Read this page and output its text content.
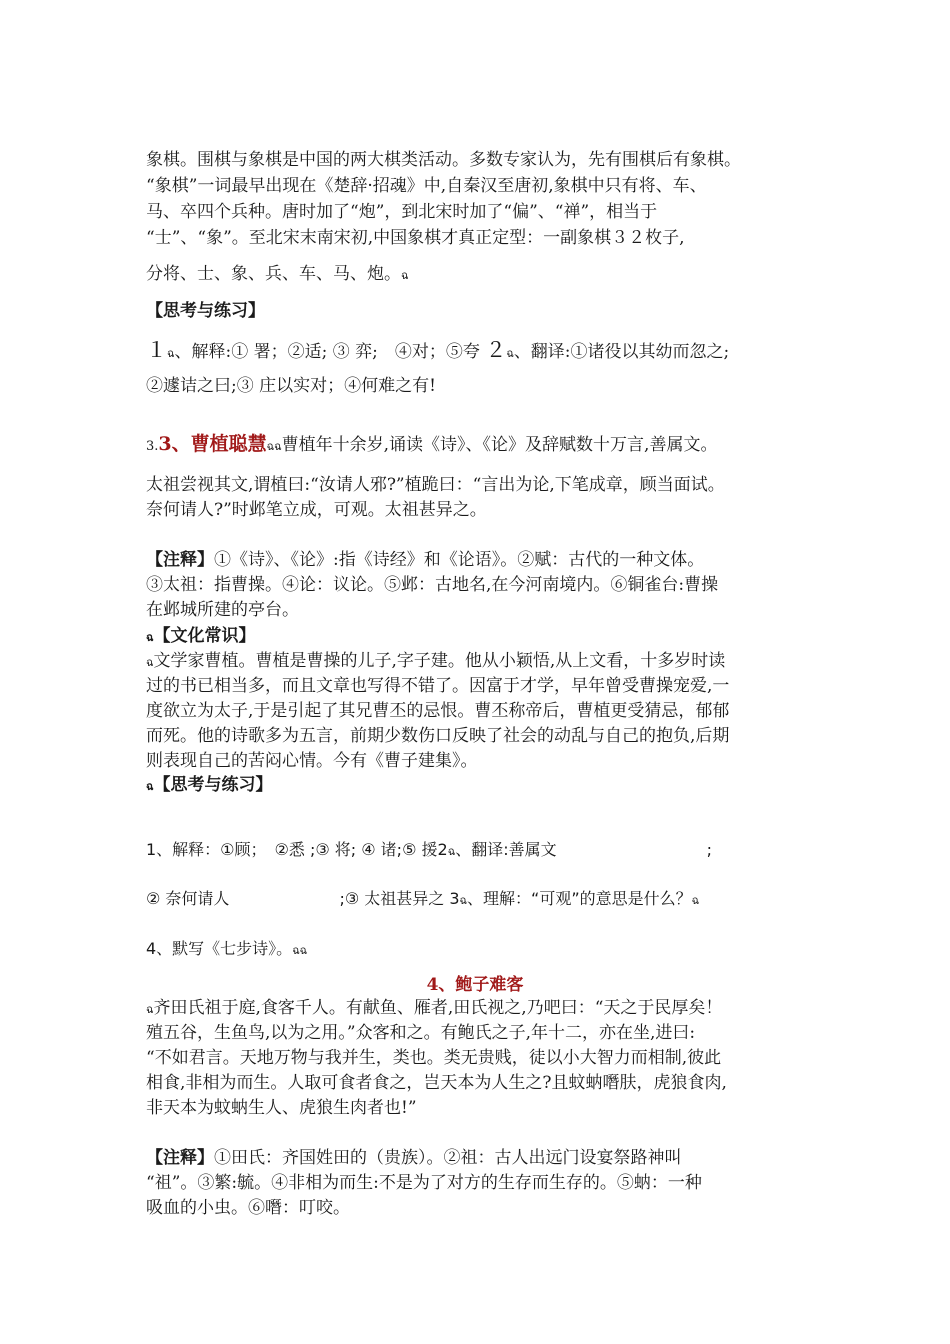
象棋。围棋与象棋是中国的两大棋类活动。多数专家认为，先有围棋后有象棋。
“象棋”一词最早出现在《楚辞·招魂》中,自秦汉至唐初,象棋中只有将、车、
马、卒四个兵种。唐时加了“炮”，到北宋时加了“偏”、“禅”，相当于
“士”、“象”。至北宋末南宋初,中国象棋才真正定型：一副象棋３２枚子,
分将、士、象、兵、车、马、炮。ฉ
【思考与练习】
１ฉ、解释:① 署；②适; ③ 弈;　④对；⑤夸 ２ฉ、翻译:①诸役以其幼而忽之;
②遽诘之曰;③ 庄以实对；④何难之有!
3.3、曹植聪慧ฉฉ曹植年十余岁,诵读《诗》、《论》及辞赋数十万言,善属文。
太祖尝视其文,谓植曰:“汝请人邪?”植跪曰：“言出为论,下笔成章，顾当面试。
奈何请人?”时邺笔立成，可观。太祖甚异之。
【注释】①《诗》、《论》:指《诗经》和《论语》。②赋：古代的一种文体。
③太祖：指曹操。④论：议论。⑤邺：古地名,在今河南境内。⑥铜雀台:曹操
在邺城所建的亭台。
ฉ【文化常识】
ฉ文学家曹植。曹植是曹操的儿子,字子建。他从小颖悟,从上文看，十多岁时读
过的书已相当多，而且文章也写得不错了。因富于才学，早年曾受曹操宠爱,一
度欲立为太子,于是引起了其兄曹丕的忌恨。曹丕称帝后，曹植更受猜忌，郁郁
而死。他的诗歌多为五言，前期少数伤口反映了社会的动乱与自己的抱负,后期
则表现自己的苦闷心情。今有《曹子建集》。
ฉ【思考与练习】
1、解释：①顾；　②悉 ;③ 将; ④ 诸;⑤ 援2ฉ、翻译:善属文	;
② 奈何请人	;③ 太祖甚异之 3ฉ、理解：“可观”的意思是什么？ฉ
4、默写《七步诗》。ฉฉ
4、鲍子难客
ฉ齐田氏祖于庭,食客千人。有献鱼、雁者,田氏视之,乃吧曰：“天之于民厚矣！
殖五谷，生鱼鸟,以为之用。”众客和之。有鲍氏之子,年十二，亦在坐,进曰:
“不如君言。天地万物与我并生，类也。类无贵贱，徒以小大智力而相制,彼此
相食,非相为而生。人取可食者食之，岂天本为人生之?且蚊蚋噆肤，虎狼食肉,
非天本为蚊蚋生人、虎狼生肉者也!”
【注释】①田氏：齐国姓田的（贵族）。②祖：古人出远门设宴祭路神叫
“祖”。③繁:毓。④非相为而生:不是为了对方的生存而生存的。⑤蚋：一种
吸血的小虫。⑥噆：叮咬。
